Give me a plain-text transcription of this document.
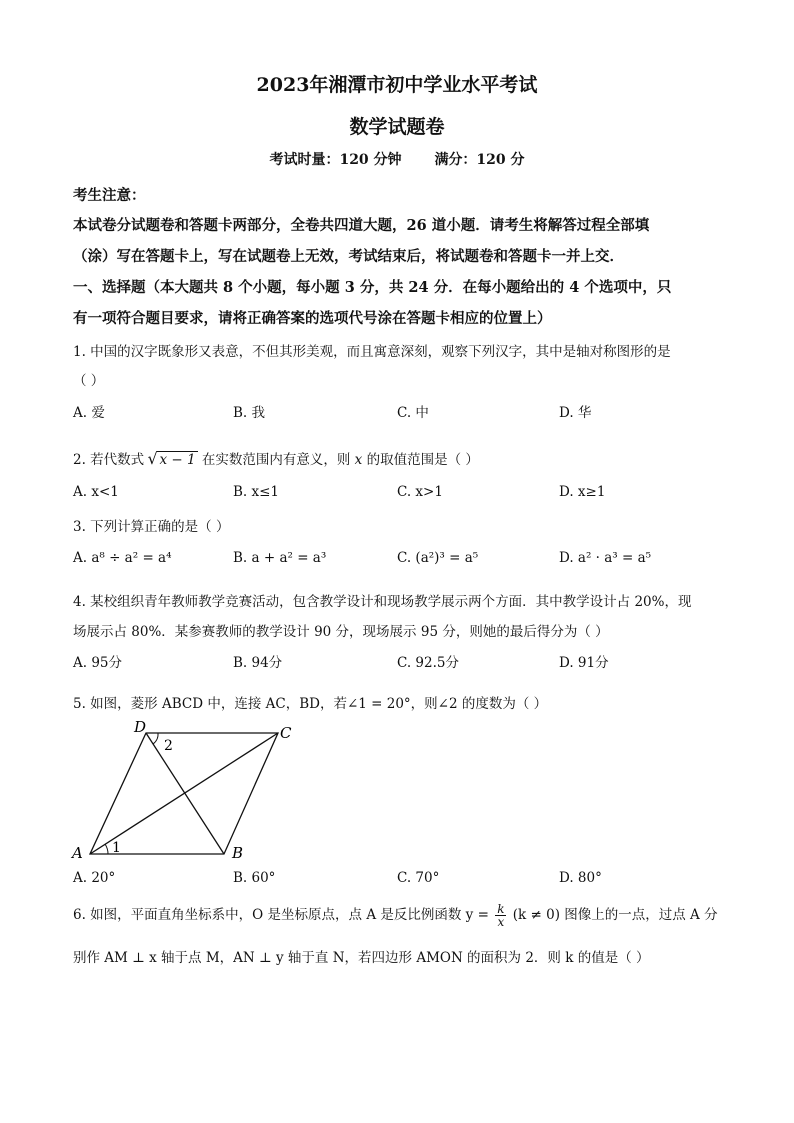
2023年湘潭市初中学业水平考试
数学试题卷
考试时量：120 分钟 满分：120 分
考生注意：
本试卷分试题卷和答题卡两部分，全卷共四道大题，26 道小题．请考生将解答过程全部填
（涂）写在答题卡上，写在试题卷上无效，考试结束后，将试题卷和答题卡一并上交．
一、选择题（本大题共 8 个小题，每小题 3 分，共 24 分．在每小题给出的 4 个选项中，只
有一项符合题目要求，请将正确答案的选项代号涂在答题卡相应的位置上）
1. 中国的汉字既象形又表意，不但其形美观，而且寓意深刻，观察下列汉字，其中是轴对称图形的是
（ ）
A. 爱	B. 我	C. 中	D. 华
2. 若代数式 √ x − 1 在实数范围内有意义，则 x 的取值范围是（ ）
A. x<1	B. x≤1	C. x>1	D. x≥1
3. 下列计算正确的是（ ）
A. a⁸ ÷ a² = a⁴	B. a + a² = a³	C. (a²)³ = a⁵	D. a² · a³ = a⁵
4. 某校组织青年教师教学竞赛活动，包含教学设计和现场教学展示两个方面．其中教学设计占 20%，现
场展示占 80%．某参赛教师的教学设计 90 分，现场展示 95 分，则她的最后得分为（ ）
A. 95分	B. 94分	C. 92.5分	D. 91分
5. 如图，菱形 ABCD 中，连接 AC，BD，若∠1 = 20°，则∠2 的度数为（ ）
A	B
C
D
1
2
A. 20°	B. 60°	C. 70°	D. 80°
6. 如图，平面直角坐标系中，O 是坐标原点，点 A 是反比例函数 $y = \frac{k}{x} (k \ne 0)$ 图像上的一点，过点 A 分
别作 AM ⊥ x 轴于点 M，AN ⊥ y 轴于直 N，若四边形 AMON 的面积为 2．则 k 的值是（ ）
